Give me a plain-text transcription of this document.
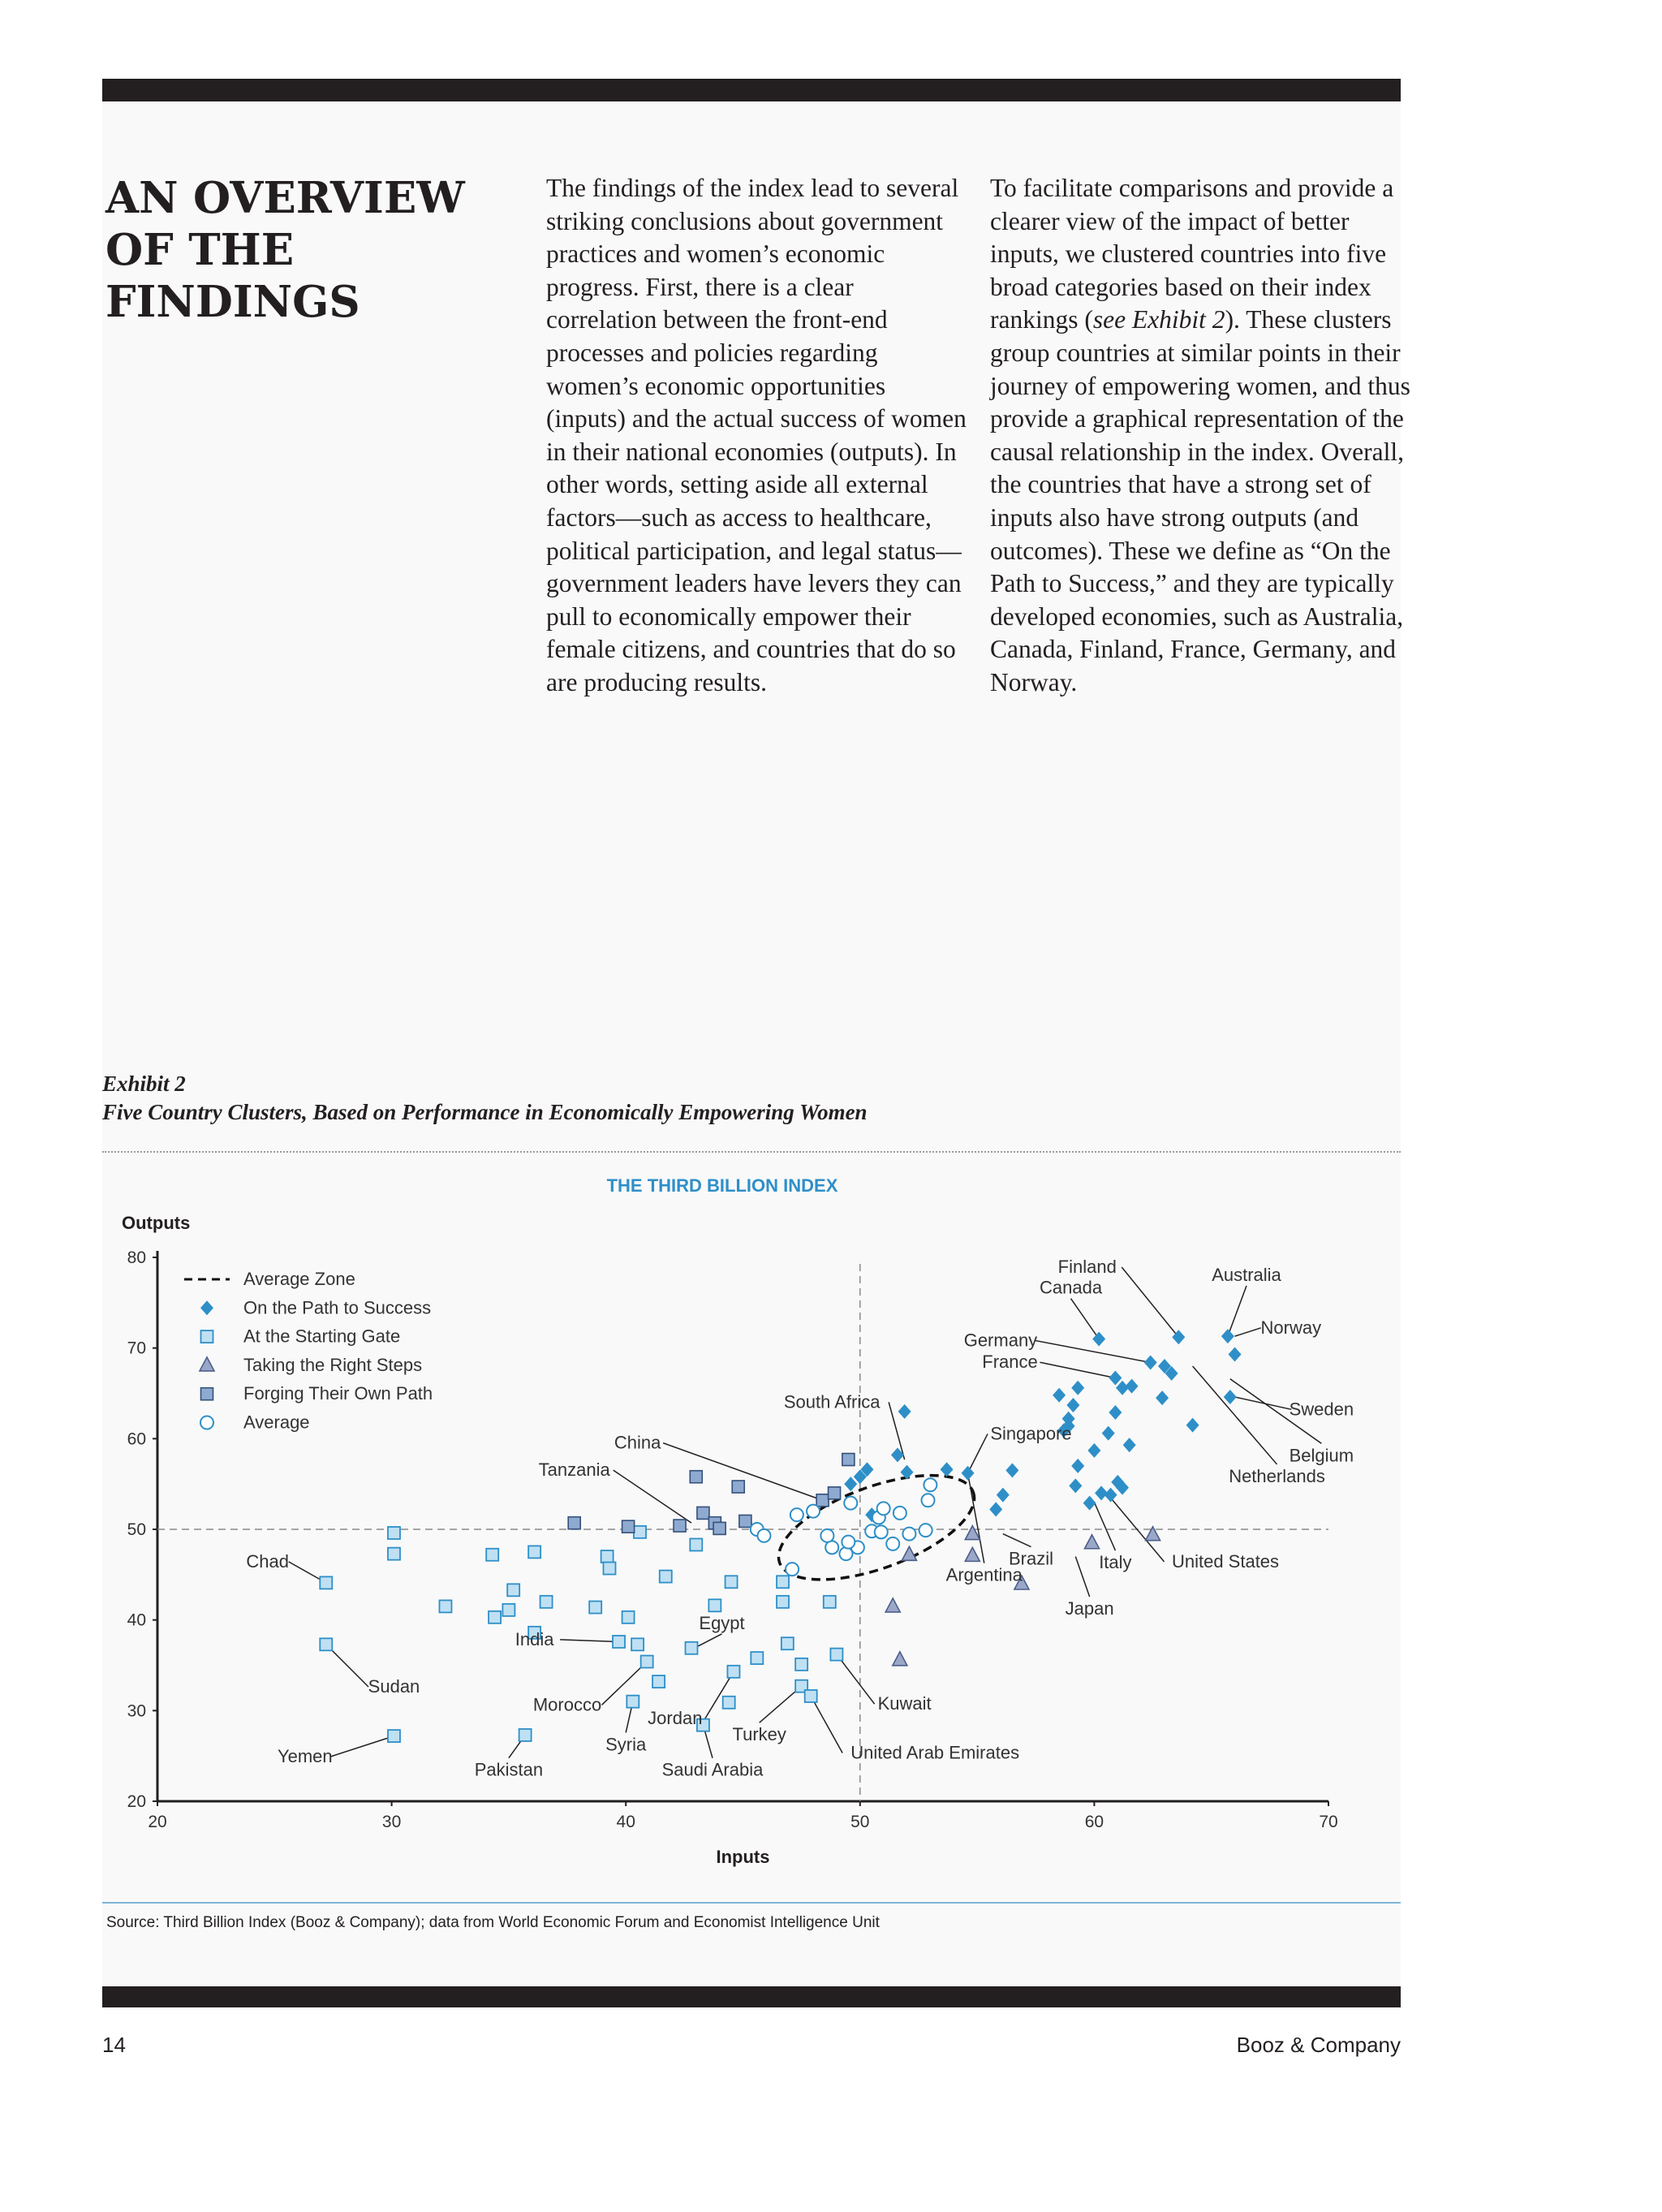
AN OVERVIEW OF THE FINDINGS

The findings of the index lead to several striking conclusions about government practices and women’s economic progress. First, there is a clear correlation between the front-end processes and policies regarding women’s economic opportunities (inputs) and the actual success of women in their national economies (outputs). In other words, setting aside all external factors—such as access to healthcare, political participation, and legal status—government leaders have levers they can pull to economically empower their female citizens, and countries that do so are producing results.

To facilitate comparisons and provide a clearer view of the impact of better inputs, we clustered countries into five broad categories based on their index rankings (see Exhibit 2). These clusters group countries at similar points in their journey of empowering women, and thus provide a graphical representation of the causal relationship in the index. Overall, the countries that have a strong set of inputs also have strong outputs (and outcomes). These we define as “On the Path to Success,” and they are typically developed economies, such as Australia, Canada, Finland, France, Germany, and Norway.

Exhibit 2
Five Country Clusters, Based on Performance in Economically Empowering Women
THE THIRD BILLION INDEX
20	30	40	50	60	70
20
30
40
50
60
70
80
Canada
Finland	Australia
Norway
Germany
France
Sweden
Belgium
Netherlands
South Africa
China	Singapore
Tanzania
Chad	Brazil
Argentina
Italy United States
Japan
Egypt
India
Sudan
Morocco
Jordan
Kuwait
Turkey
Syria	United Arab Emirates
Yemen
Pakistan	Saudi Arabia
Average Zone
On the Path to Success
At the Starting Gate
Taking the Right Steps
Forging Their Own Path
Average
Outputs
Inputs
Source: Third Billion Index (Booz & Company); data from World Economic Forum and Economist Intelligence Unit
14	Booz & Company
